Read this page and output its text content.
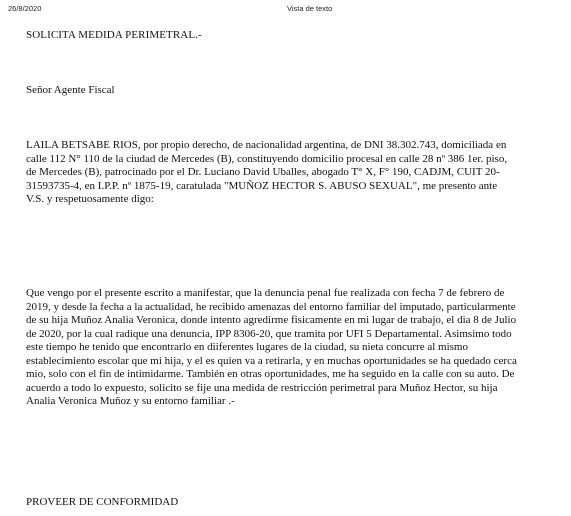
26/8/2020	Vista de texto
SOLICITA MEDIDA PERIMETRAL.-
Señor Agente Fiscal
LAILA BETSABE RIOS, por propio derecho, de nacionalidad argentina, de DNI 38.302.743, domiciliada en
calle 112 N° 110 de la ciudad de Mercedes (B), constituyendo domicilio procesal en calle 28 nº 386 1er. piso,
de Mercedes (B), patrocinado por el Dr. Luciano David Uballes, abogado T° X, F° 190, CADJM, CUIT 20-
31593735-4, en I.P.P. nº 1875-19, caratulada "MUÑOZ HECTOR S. ABUSO SEXUAL", me presento ante
V.S. y respetuosamente digo:
Que vengo por el presente escrito a manifestar, que la denuncia penal fue realizada con fecha 7 de febrero de
2019, y desde la fecha a la actualidad, he recibido amenazas del entorno familiar del imputado, particularmente
de su hija Muñoz Analia Veronica, donde intento agredirme fisicamente en mi lugar de trabajo, el dia 8 de Julio
de 2020, por la cual radique una denuncia, IPP 8306-20, que tramita por UFI 5 Departamental. Asimsimo todo
este tiempo he tenido que encontrarlo en diiferentes lugares de la ciudad, su nieta concurre al mismo
establecimiento escolar que mi hija, y el es quien va a retirarla, y en muchas oportunidades se ha quedado cerca
mio, solo con el fin de intimidarme. También en otras oportunidades, me ha seguido en la calle con su auto. De
acuerdo a todo lo expuesto, solicito se fije una medida de restricción perimetral para Muñoz Hector, su hija
Analia Veronica Muñoz y su entorno familiar .-
PROVEER DE CONFORMIDAD
